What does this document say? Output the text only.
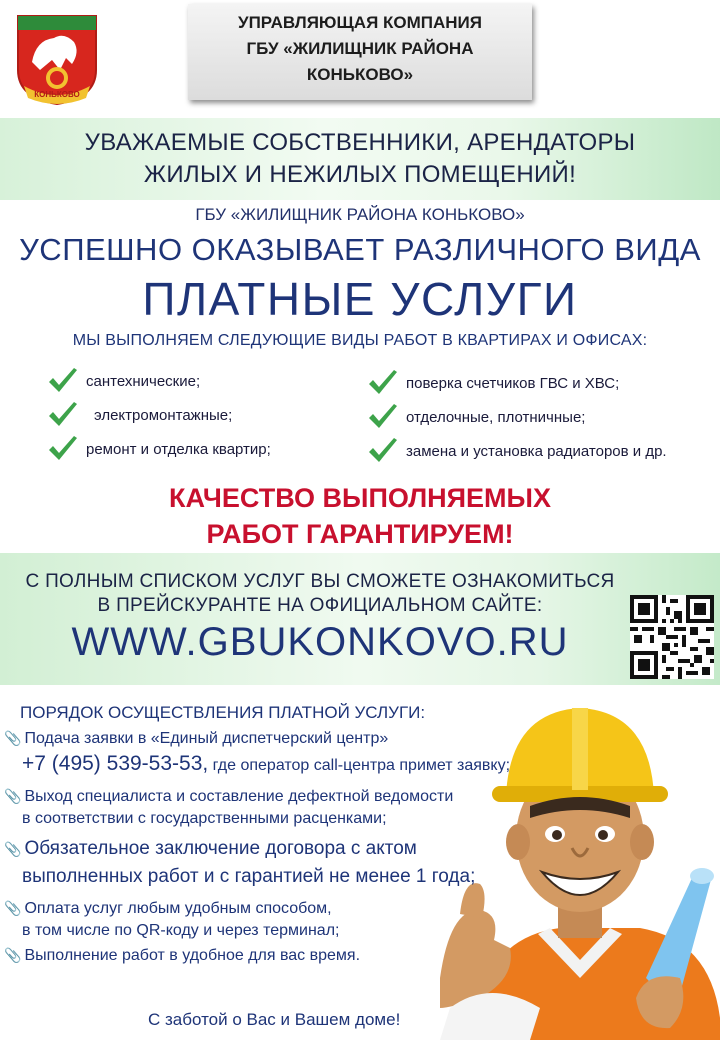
КОНЬКОВО
УПРАВЛЯЮЩАЯ КОМПАНИЯ
ГБУ «ЖИЛИЩНИК РАЙОНА
КОНЬКОВО»
УВАЖАЕМЫЕ СОБСТВЕННИКИ, АРЕНДАТОРЫ
ЖИЛЫХ И НЕЖИЛЫХ ПОМЕЩЕНИЙ!
ГБУ «ЖИЛИЩНИК РАЙОНА КОНЬКОВО»
УСПЕШНО ОКАЗЫВАЕТ РАЗЛИЧНОГО ВИДА
ПЛАТНЫЕ УСЛУГИ
МЫ ВЫПОЛНЯЕМ СЛЕДУЮЩИЕ ВИДЫ РАБОТ В КВАРТИРАХ И ОФИСАХ:
сантехнические;
электромонтажные;
ремонт и отделка квартир;
поверка счетчиков ГВС и ХВС;
отделочные, плотничные;
замена и установка радиаторов и др.
КАЧЕСТВО ВЫПОЛНЯЕМЫХ
РАБОТ ГАРАНТИРУЕМ!
С ПОЛНЫМ СПИСКОМ УСЛУГ ВЫ СМОЖЕТЕ ОЗНАКОМИТЬСЯ
В ПРЕЙСКУРАНТЕ НА ОФИЦИАЛЬНОМ САЙТЕ:
WWW.GBUKONKOVO.RU
ПОРЯДОК ОСУЩЕСТВЛЕНИЯ ПЛАТНОЙ УСЛУГИ:
📎 Подача заявки в «Единый диспетчерский центр»
+7 (495) 539-53-53, где оператор call-центра примет заявку;
📎 Выход специалиста и составление дефектной ведомости
в соответствии с государственными расценками;
📎 Обязательное заключение договора с актом
выполненных работ и с гарантией не менее 1 года;
📎 Оплата услуг любым удобным способом,
в том числе по QR-коду и через терминал;
📎 Выполнение работ в удобное для вас время.
С заботой о Вас и Вашем доме!
